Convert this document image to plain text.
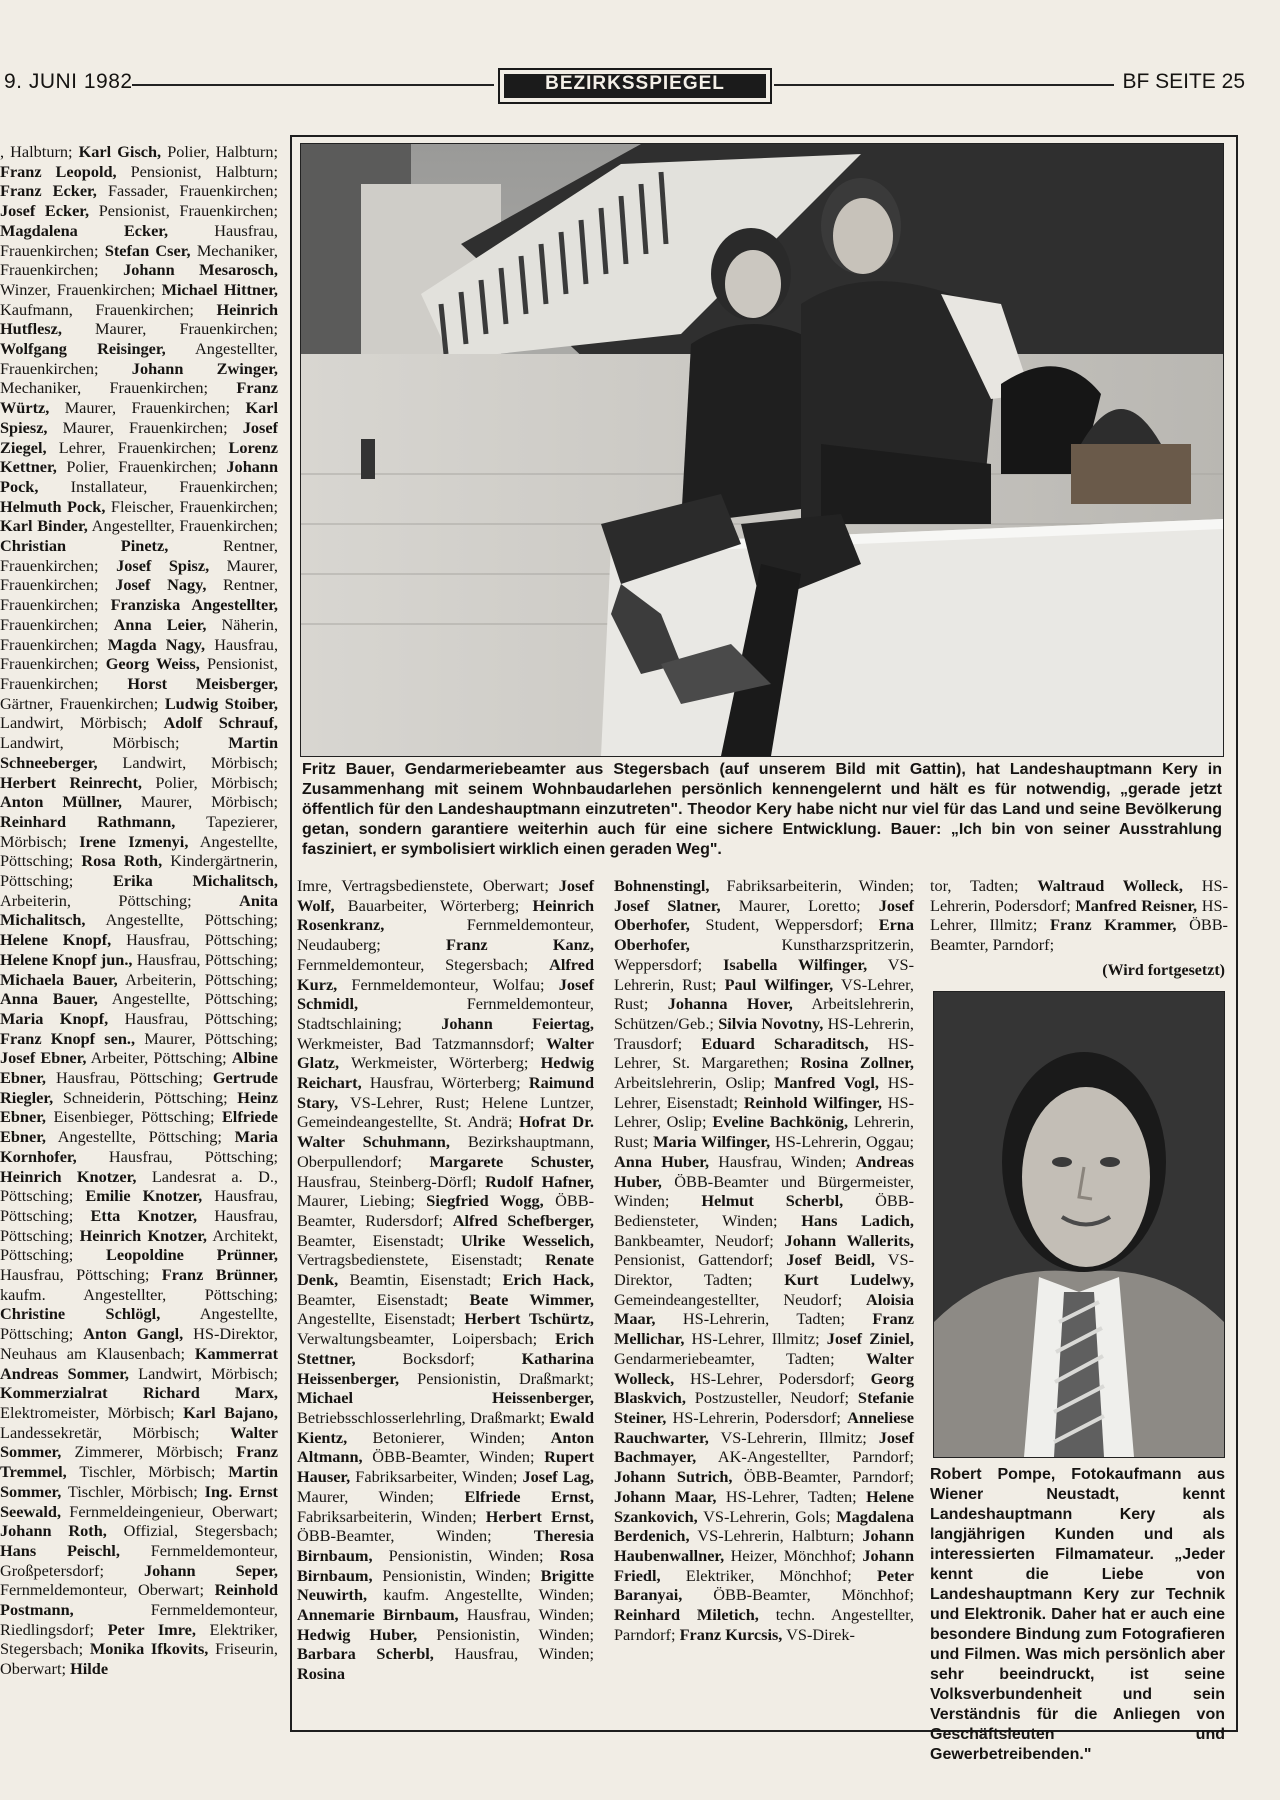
9. JUNI 1982	BEZIRKSSPIEGEL	BF SEITE 25
, Halbturn; Karl Gisch, Polier, Halbturn; Franz Leopold, Pensionist, Halbturn; Franz Ecker, Fassader, Frauenkirchen; Josef Ecker, Pensionist, Frauenkirchen; Magdalena Ecker, Hausfrau, Frauenkirchen; Stefan Cser, Mechaniker, Frauenkirchen; Johann Mesarosch, Winzer, Frauenkirchen; Michael Hittner, Kaufmann, Frauenkirchen; Heinrich Hutflesz, Maurer, Frauenkirchen; Wolfgang Reisinger, Angestellter, Frauenkirchen; Johann Zwinger, Mechaniker, Frauenkirchen; Franz Würtz, Maurer, Frauenkirchen; Karl Spiesz, Maurer, Frauenkirchen; Josef Ziegel, Lehrer, Frauenkirchen; Lorenz Kettner, Polier, Frauenkirchen; Johann Pock, Installateur, Frauenkirchen; Helmuth Pock, Fleischer, Frauenkirchen; Karl Binder, Angestellter, Frauenkirchen; Christian Pinetz, Rentner, Frauenkirchen; Josef Spisz, Maurer, Frauenkirchen; Josef Nagy, Rentner, Frauenkirchen; Franziska Angestellter, Frauenkirchen; Anna Leier, Näherin, Frauenkirchen; Magda Nagy, Hausfrau, Frauenkirchen; Georg Weiss, Pensionist, Frauenkirchen; Horst Meisberger, Gärtner, Frauenkirchen; Ludwig Stoiber, Landwirt, Mörbisch; Adolf Schrauf, Landwirt, Mörbisch; Martin Schneeberger, Landwirt, Mörbisch; Herbert Reinrecht, Polier, Mörbisch; Anton Müllner, Maurer, Mörbisch; Reinhard Rathmann, Tapezierer, Mörbisch; Irene Izmenyi, Angestellte, Pöttsching; Rosa Roth, Kindergärtnerin, Pöttsching; Erika Michalitsch, Arbeiterin, Pöttsching; Anita Michalitsch, Angestellte, Pöttsching; Helene Knopf, Hausfrau, Pöttsching; Helene Knopf jun., Hausfrau, Pöttsching; Michaela Bauer, Arbeiterin, Pöttsching; Anna Bauer, Angestellte, Pöttsching; Maria Knopf, Hausfrau, Pöttsching; Franz Knopf sen., Maurer, Pöttsching; Josef Ebner, Arbeiter, Pöttsching; Albine Ebner, Hausfrau, Pöttsching; Gertrude Riegler, Schneiderin, Pöttsching; Heinz Ebner, Eisenbieger, Pöttsching; Elfriede Ebner, Angestellte, Pöttsching; Maria Kornhofer, Hausfrau, Pöttsching; Heinrich Knotzer, Landesrat a. D., Pöttsching; Emilie Knotzer, Hausfrau, Pöttsching; Etta Knotzer, Hausfrau, Pöttsching; Heinrich Knotzer, Architekt, Pöttsching; Leopoldine Prünner, Hausfrau, Pöttsching; Franz Brünner, kaufm. Angestellter, Pöttsching; Christine Schlögl, Angestellte, Pöttsching; Anton Gangl, HS-Direktor, Neuhaus am Klausenbach; Kammerrat Andreas Sommer, Landwirt, Mörbisch; Kommerzialrat Richard Marx, Elektromeister, Mörbisch; Karl Bajano, Landessekretär, Mörbisch; Walter Sommer, Zimmerer, Mörbisch; Franz Tremmel, Tischler, Mörbisch; Martin Sommer, Tischler, Mörbisch; Ing. Ernst Seewald, Fernmeldeingenieur, Oberwart; Johann Roth, Offizial, Stegersbach; Hans Peischl, Fernmeldemonteur, Großpetersdorf; Johann Seper, Fernmeldemonteur, Oberwart; Reinhold Postmann, Fernmeldemonteur, Riedlingsdorf; Peter Imre, Elektriker, Stegersbach; Monika Ifkovits, Friseurin, Oberwart; Hilde
Fritz Bauer, Gendarmeriebeamter aus Stegersbach (auf unserem Bild mit Gattin), hat Landeshauptmann Kery in Zusammenhang mit seinem Wohnbaudarlehen persönlich kennengelernt und hält es für notwendig, „gerade jetzt öffentlich für den Landeshauptmann einzutreten". Theodor Kery habe nicht nur viel für das Land und seine Bevölkerung getan, sondern garantiere weiterhin auch für eine sichere Entwicklung. Bauer: „Ich bin von seiner Ausstrahlung fasziniert, er symbolisiert wirklich einen geraden Weg".
Imre, Vertragsbedienstete, Oberwart; Josef Wolf, Bauarbeiter, Wörterberg; Heinrich Rosenkranz, Fernmeldemonteur, Neudauberg; Franz Kanz, Fernmeldemonteur, Stegersbach; Alfred Kurz, Fernmeldemonteur, Wolfau; Josef Schmidl, Fernmeldemonteur, Stadtschlaining; Johann Feiertag, Werkmeister, Bad Tatzmannsdorf; Walter Glatz, Werkmeister, Wörterberg; Hedwig Reichart, Hausfrau, Wörterberg; Raimund Stary, VS-Lehrer, Rust; Helene Luntzer, Gemeindeangestellte, St. Andrä; Hofrat Dr. Walter Schuhmann, Bezirkshauptmann, Oberpullendorf; Margarete Schuster, Hausfrau, Steinberg-Dörfl; Rudolf Hafner, Maurer, Liebing; Siegfried Wogg, ÖBB-Beamter, Rudersdorf; Alfred Schefberger, Beamter, Eisenstadt; Ulrike Wesselich, Vertragsbedienstete, Eisenstadt; Renate Denk, Beamtin, Eisenstadt; Erich Hack, Beamter, Eisenstadt; Beate Wimmer, Angestellte, Eisenstadt; Herbert Tschürtz, Verwaltungsbeamter, Loipersbach; Erich Stettner, Bocksdorf; Katharina Heissenberger, Pensionistin, Draßmarkt; Michael Heissenberger, Betriebsschlosserlehrling, Draßmarkt; Ewald Kientz, Betonierer, Winden; Anton Altmann, ÖBB-Beamter, Winden; Rupert Hauser, Fabriksarbeiter, Winden; Josef Lag, Maurer, Winden; Elfriede Ernst, Fabriksarbeiterin, Winden; Herbert Ernst, ÖBB-Beamter, Winden; Theresia Birnbaum, Pensionistin, Winden; Rosa Birnbaum, Pensionistin, Winden; Brigitte Neuwirth, kaufm. Angestellte, Winden; Annemarie Birnbaum, Hausfrau, Winden; Hedwig Huber, Pensionistin, Winden; Barbara Scherbl, Hausfrau, Winden; Rosina
Bohnenstingl, Fabriksarbeiterin, Winden; Josef Slatner, Maurer, Loretto; Josef Oberhofer, Student, Weppersdorf; Erna Oberhofer, Kunstharzspritzerin, Weppersdorf; Isabella Wilfinger, VS-Lehrerin, Rust; Paul Wilfinger, VS-Lehrer, Rust; Johanna Hover, Arbeitslehrerin, Schützen/Geb.; Silvia Novotny, HS-Lehrerin, Trausdorf; Eduard Scharaditsch, HS-Lehrer, St. Margarethen; Rosina Zollner, Arbeitslehrerin, Oslip; Manfred Vogl, HS-Lehrer, Eisenstadt; Reinhold Wilfinger, HS-Lehrer, Oslip; Eveline Bachkönig, Lehrerin, Rust; Maria Wilfinger, HS-Lehrerin, Oggau; Anna Huber, Hausfrau, Winden; Andreas Huber, ÖBB-Beamter und Bürgermeister, Winden; Helmut Scherbl, ÖBB-Bediensteter, Winden; Hans Ladich, Bankbeamter, Neudorf; Johann Wallerits, Pensionist, Gattendorf; Josef Beidl, VS-Direktor, Tadten; Kurt Ludelwy, Gemeindeangestellter, Neudorf; Aloisia Maar, HS-Lehrerin, Tadten; Franz Mellichar, HS-Lehrer, Illmitz; Josef Ziniel, Gendarmeriebeamter, Tadten; Walter Wolleck, HS-Lehrer, Podersdorf; Georg Blaskvich, Postzusteller, Neudorf; Stefanie Steiner, HS-Lehrerin, Podersdorf; Anneliese Rauchwarter, VS-Lehrerin, Illmitz; Josef Bachmayer, AK-Angestellter, Parndorf; Johann Sutrich, ÖBB-Beamter, Parndorf; Johann Maar, HS-Lehrer, Tadten; Helene Szankovich, VS-Lehrerin, Gols; Magdalena Berdenich, VS-Lehrerin, Halbturn; Johann Haubenwallner, Heizer, Mönchhof; Johann Friedl, Elektriker, Mönchhof; Peter Baranyai, ÖBB-Beamter, Mönchhof; Reinhard Miletich, techn. Angestellter, Parndorf; Franz Kurcsis, VS-Direk-
tor, Tadten; Waltraud Wolleck, HS-Lehrerin, Podersdorf; Manfred Reisner, HS-Lehrer, Illmitz; Franz Krammer, ÖBB-Beamter, Parndorf;
(Wird fortgesetzt)
Robert Pompe, Fotokaufmann aus Wiener Neustadt, kennt Landeshauptmann Kery als langjährigen Kunden und als interessierten Filmamateur. „Jeder kennt die Liebe von Landeshauptmann Kery zur Technik und Elektronik. Daher hat er auch eine besondere Bindung zum Fotografieren und Filmen. Was mich persönlich aber sehr beeindruckt, ist seine Volksverbundenheit und sein Verständnis für die Anliegen von Geschäftsleuten und Gewerbetreibenden."
